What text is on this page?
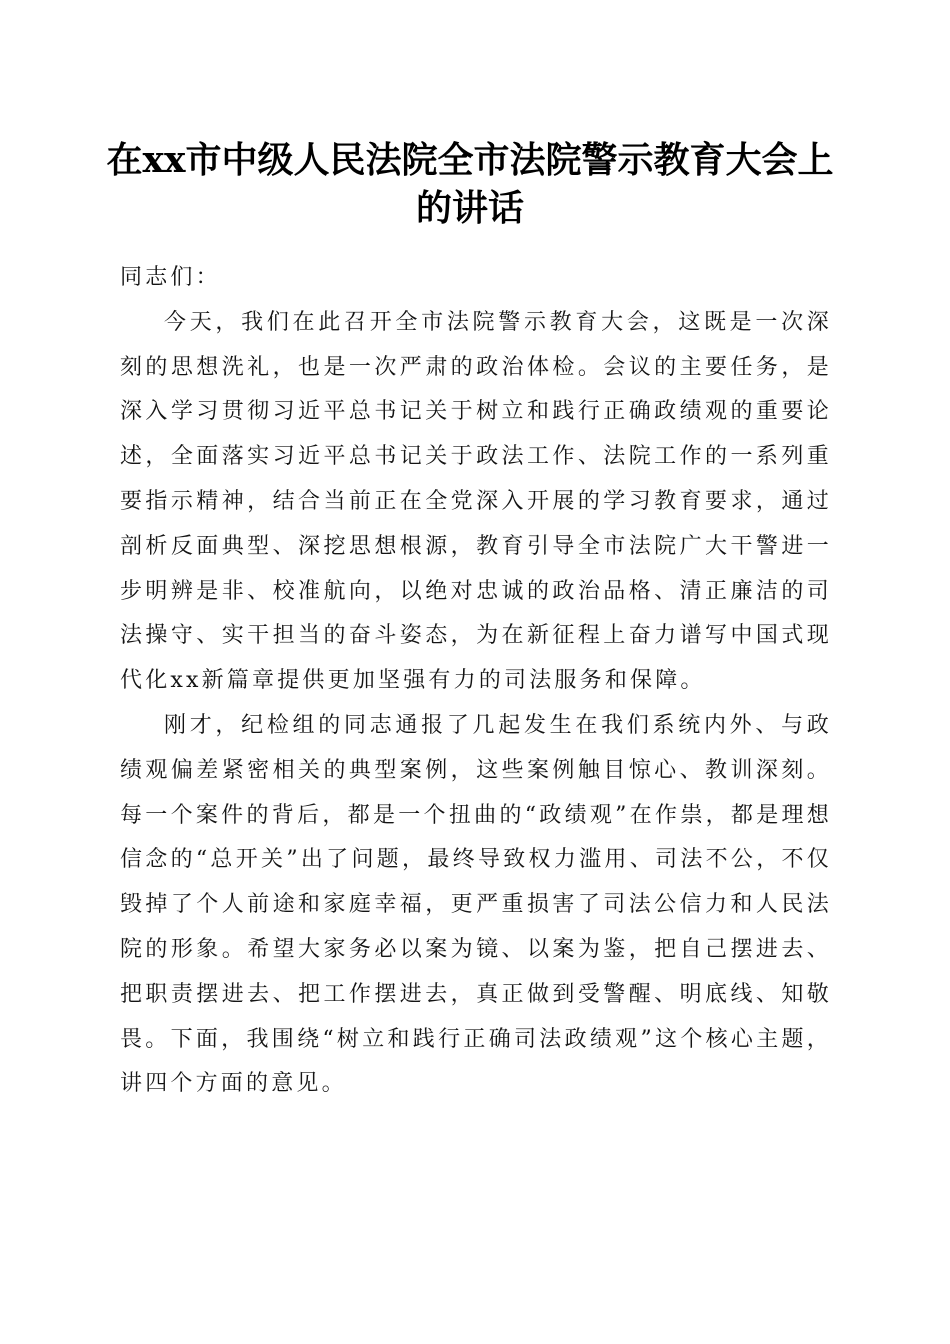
在xx市中级人民法院全市法院警示教育大会上的讲话

同志们：

今天，我们在此召开全市法院警示教育大会，这既是一次深刻的思想洗礼，也是一次严肃的政治体检。会议的主要任务，是深入学习贯彻习近平总书记关于树立和践行正确政绩观的重要论述，全面落实习近平总书记关于政法工作、法院工作的一系列重要指示精神，结合当前正在全党深入开展的学习教育要求，通过剖析反面典型、深挖思想根源，教育引导全市法院广大干警进一步明辨是非、校准航向，以绝对忠诚的政治品格、清正廉洁的司法操守、实干担当的奋斗姿态，为在新征程上奋力谱写中国式现代化xx新篇章提供更加坚强有力的司法服务和保障。

刚才，纪检组的同志通报了几起发生在我们系统内外、与政绩观偏差紧密相关的典型案例，这些案例触目惊心、教训深刻。每一个案件的背后，都是一个扭曲的“政绩观”在作祟，都是理想信念的“总开关”出了问题，最终导致权力滥用、司法不公，不仅毁掉了个人前途和家庭幸福，更严重损害了司法公信力和人民法院的形象。希望大家务必以案为镜、以案为鉴，把自己摆进去、把职责摆进去、把工作摆进去，真正做到受警醒、明底线、知敬畏。下面，我围绕“树立和践行正确司法政绩观”这个核心主题，讲四个方面的意见。
